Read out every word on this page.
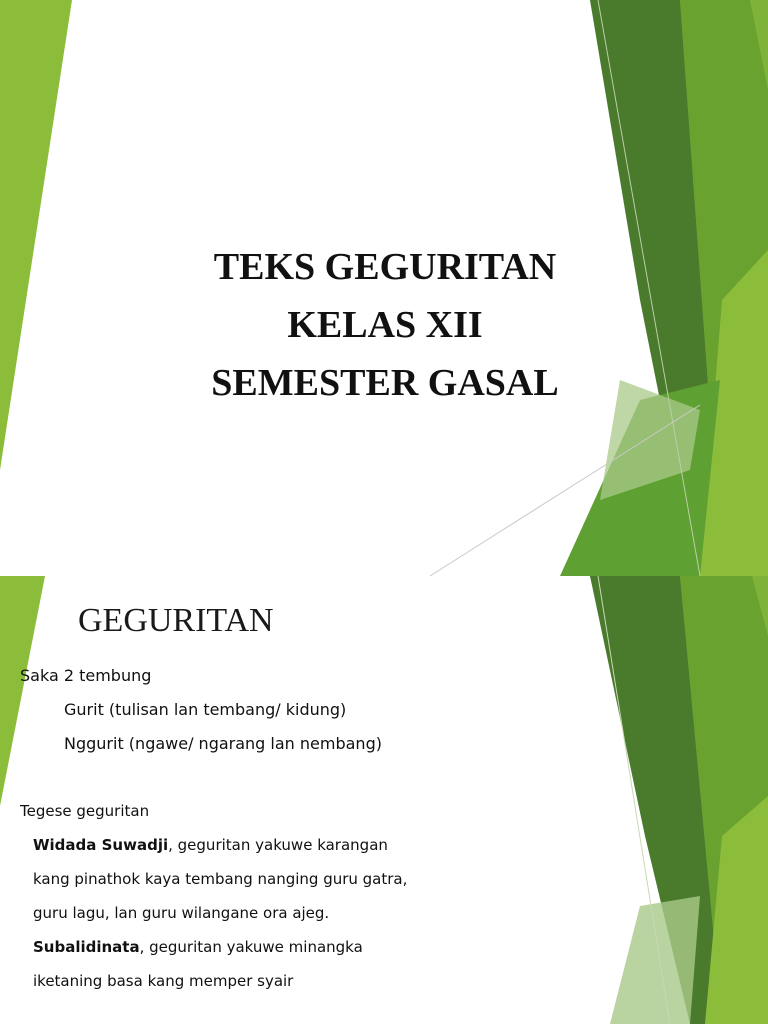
TEKS GEGURITAN
KELAS XII
SEMESTER GASAL
GEGURITAN
Saka 2 tembung
Gurit (tulisan lan tembang/ kidung)
Nggurit (ngawe/ ngarang lan nembang)
Tegese geguritan
Widada Suwadji, geguritan yakuwe karangan
kang pinathok kaya tembang nanging guru gatra,
guru lagu, lan guru wilangane ora ajeg.
Subalidinata, geguritan yakuwe minangka
iketaning basa kang memper syair
